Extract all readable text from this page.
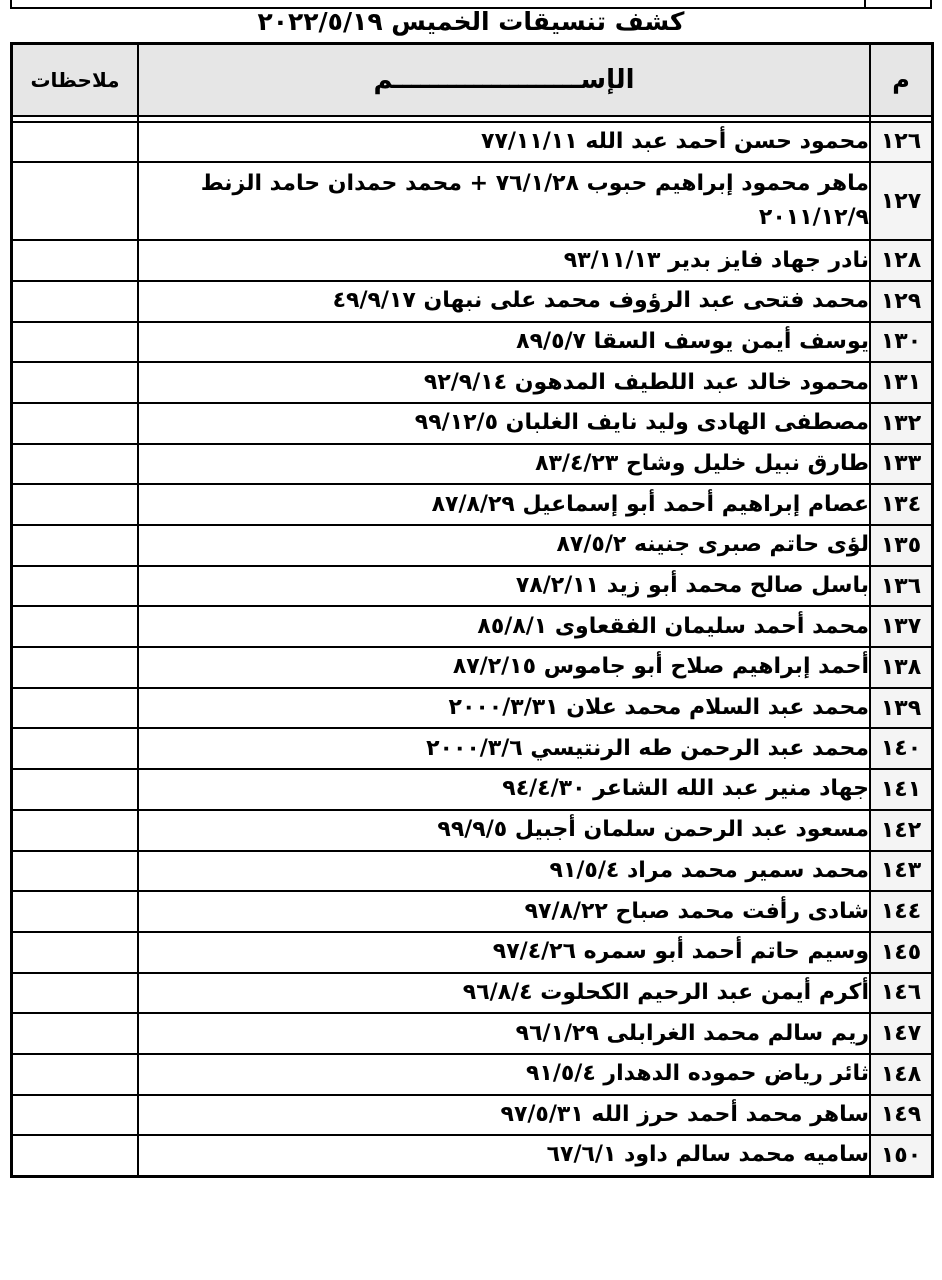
كشف تنسيقات الخميس ٢٠٢٢/٥/١٩
م	الإســـــــــــــــــــــم	ملاحظات

١٢٦	محمود حسن أحمد عبد الله ٧٧/١١/١١	
١٢٧	ماهر محمود إبراهيم حبوب ٧٦/١/٢٨ + محمد حمدان حامد الزنط ٢٠١١/١٢/٩	
١٢٨	نادر جهاد فايز بدير ٩٣/١١/١٣	
١٢٩	محمد فتحى عبد الرؤوف محمد على نبهان ٤٩/٩/١٧	
١٣٠	يوسف أيمن يوسف السقا ٨٩/٥/٧	
١٣١	محمود خالد عبد اللطيف المدهون ٩٢/٩/١٤	
١٣٢	مصطفى الهادى وليد نايف الغلبان ٩٩/١٢/٥	
١٣٣	طارق نبيل خليل وشاح ٨٣/٤/٢٣	
١٣٤	عصام إبراهيم أحمد أبو إسماعيل ٨٧/٨/٢٩	
١٣٥	لؤى حاتم صبرى جنينه ٨٧/٥/٢	
١٣٦	باسل صالح محمد أبو زيد ٧٨/٢/١١	
١٣٧	محمد أحمد سليمان الفقعاوى ٨٥/٨/١	
١٣٨	أحمد إبراهيم صلاح أبو جاموس ٨٧/٢/١٥	
١٣٩	محمد عبد السلام محمد علان ٢٠٠٠/٣/٣١	
١٤٠	محمد عبد الرحمن طه الرنتيسي ٢٠٠٠/٣/٦	
١٤١	جهاد منير عبد الله الشاعر ٩٤/٤/٣٠	
١٤٢	مسعود عبد الرحمن سلمان أجبيل ٩٩/٩/٥	
١٤٣	محمد سمير محمد مراد ٩١/٥/٤	
١٤٤	شادى رأفت محمد صباح ٩٧/٨/٢٢	
١٤٥	وسيم حاتم أحمد أبو سمره ٩٧/٤/٢٦	
١٤٦	أكرم أيمن عبد الرحيم الكحلوت ٩٦/٨/٤	
١٤٧	ريم سالم محمد الغرابلى ٩٦/١/٢٩	
١٤٨	ثائر رياض حموده الدهدار ٩١/٥/٤	
١٤٩	ساهر محمد أحمد حرز الله ٩٧/٥/٣١	
١٥٠	ساميه محمد سالم داود ٦٧/٦/١	
